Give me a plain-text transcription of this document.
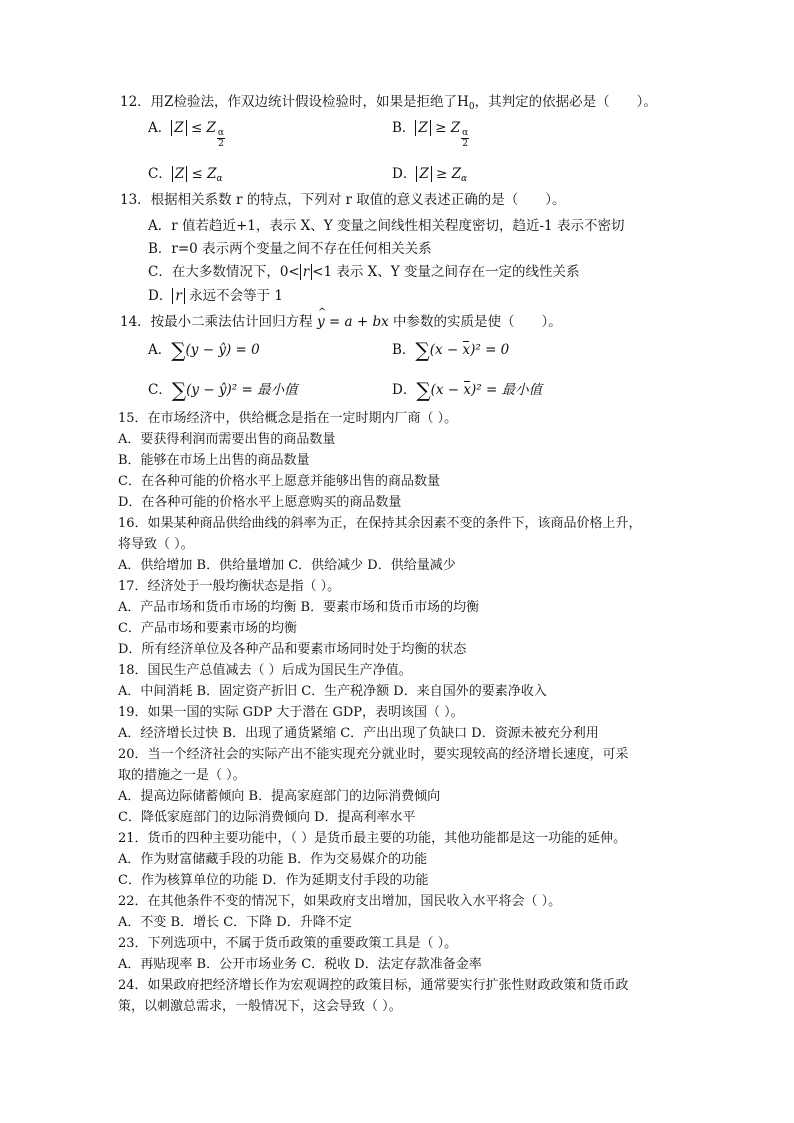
12．用Z检验法，作双边统计假设检验时，如果是拒绝了$H_0$，其判定的依据必是（　　）。
A． Z ≤ Z $\frac{\alpha}{2}$	B． Z ≥ Z $\frac{\alpha}{2}$
C． $Z \le Z_\alpha$	D． $Z \ge Z_\alpha$
13．根据相关系数 r 的特点，下列对 r 取值的意义表述正确的是（　　）。
A．r 值若趋近+1，表示 X、Y 变量之间线性相关程度密切，趋近-1 表示不密切
B．r=0 表示两个变量之间不存在任何相关关系
C．在大多数情况下，0< r <1 表示 X、Y 变量之间存在一定的线性关系
D． r 永远不会等于 1
14．按最小二乘法估计回归方程 ^ y = a + bx 中参数的实质是使（　　）。
A．∑(y − ŷ) = 0	B．∑(x − x)² = 0
C．∑(y − ŷ)² = 最小值	D．∑(x − x)² = 最小值
15．在市场经济中，供给概念是指在一定时期内厂商（ ）。
A．要获得利润而需要出售的商品数量
B．能够在市场上出售的商品数量
C．在各种可能的价格水平上愿意并能够出售的商品数量
D．在各种可能的价格水平上愿意购买的商品数量
16．如果某种商品供给曲线的斜率为正，在保持其余因素不变的条件下，该商品价格上升，
将导致（ ）。
A．供给增加 B．供给量增加 C．供给减少 D．供给量减少
17．经济处于一般均衡状态是指（ ）。
A．产品市场和货币市场的均衡 B．要素市场和货币市场的均衡
C．产品市场和要素市场的均衡
D．所有经济单位及各种产品和要素市场同时处于均衡的状态
18．国民生产总值减去（ ）后成为国民生产净值。
A．中间消耗 B．固定资产折旧 C．生产税净额 D．来自国外的要素净收入
19．如果一国的实际 GDP 大于潜在 GDP，表明该国（ ）。
A．经济增长过快 B．出现了通货紧缩 C．产出出现了负缺口 D．资源未被充分利用
20．当一个经济社会的实际产出不能实现充分就业时，要实现较高的经济增长速度，可采
取的措施之一是（ ）。
A．提高边际储蓄倾向 B．提高家庭部门的边际消费倾向
C．降低家庭部门的边际消费倾向 D．提高利率水平
21．货币的四种主要功能中，（ ）是货币最主要的功能，其他功能都是这一功能的延伸。
A．作为财富储藏手段的功能 B．作为交易媒介的功能
C．作为核算单位的功能 D．作为延期支付手段的功能
22．在其他条件不变的情况下，如果政府支出增加，国民收入水平将会（ ）。
A．不变 B．增长 C．下降 D．升降不定
23．下列选项中，不属于货币政策的重要政策工具是（ ）。
A．再贴现率 B．公开市场业务 C．税收 D．法定存款准备金率
24．如果政府把经济增长作为宏观调控的政策目标，通常要实行扩张性财政政策和货币政
策，以刺激总需求，一般情况下，这会导致（ ）。
